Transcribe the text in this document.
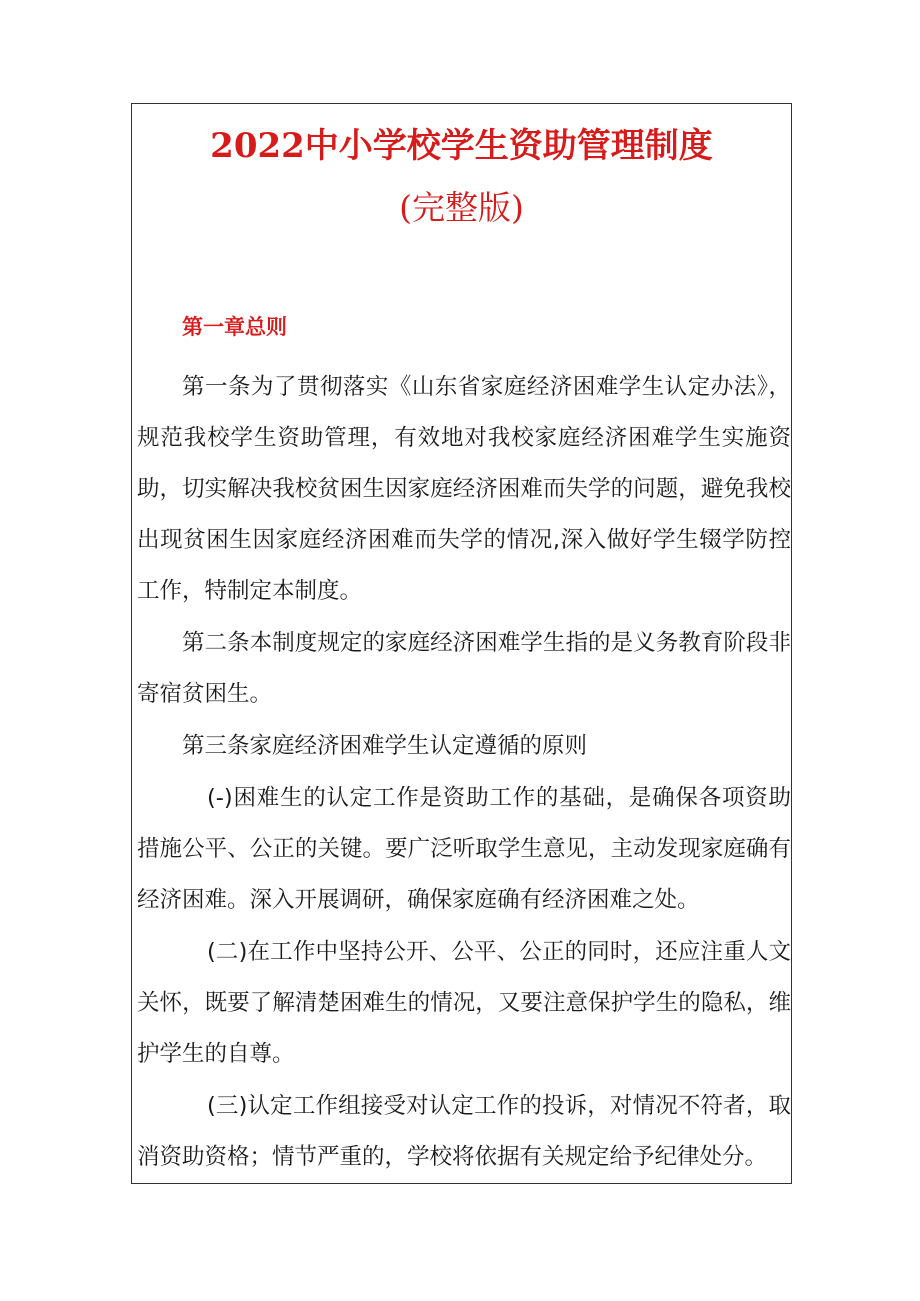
2022中小学校学生资助管理制度
(完整版)
第一章总则

第一条为了贯彻落实《山东省家庭经济困难学生认定办法》，规范我校学生资助管理，有效地对我校家庭经济困难学生实施资助，切实解决我校贫困生因家庭经济困难而失学的问题，避免我校出现贫困生因家庭经济困难而失学的情况,深入做好学生辍学防控工作，特制定本制度。

第二条本制度规定的家庭经济困难学生指的是义务教育阶段非寄宿贫困生。

第三条家庭经济困难学生认定遵循的原则

(-)困难生的认定工作是资助工作的基础，是确保各项资助措施公平、公正的关键。要广泛听取学生意见，主动发现家庭确有经济困难。深入开展调研，确保家庭确有经济困难之处。

(二)在工作中坚持公开、公平、公正的同时，还应注重人文关怀，既要了解清楚困难生的情况，又要注意保护学生的隐私，维护学生的自尊。

(三)认定工作组接受对认定工作的投诉，对情况不符者，取消资助资格；情节严重的，学校将依据有关规定给予纪律处分。
